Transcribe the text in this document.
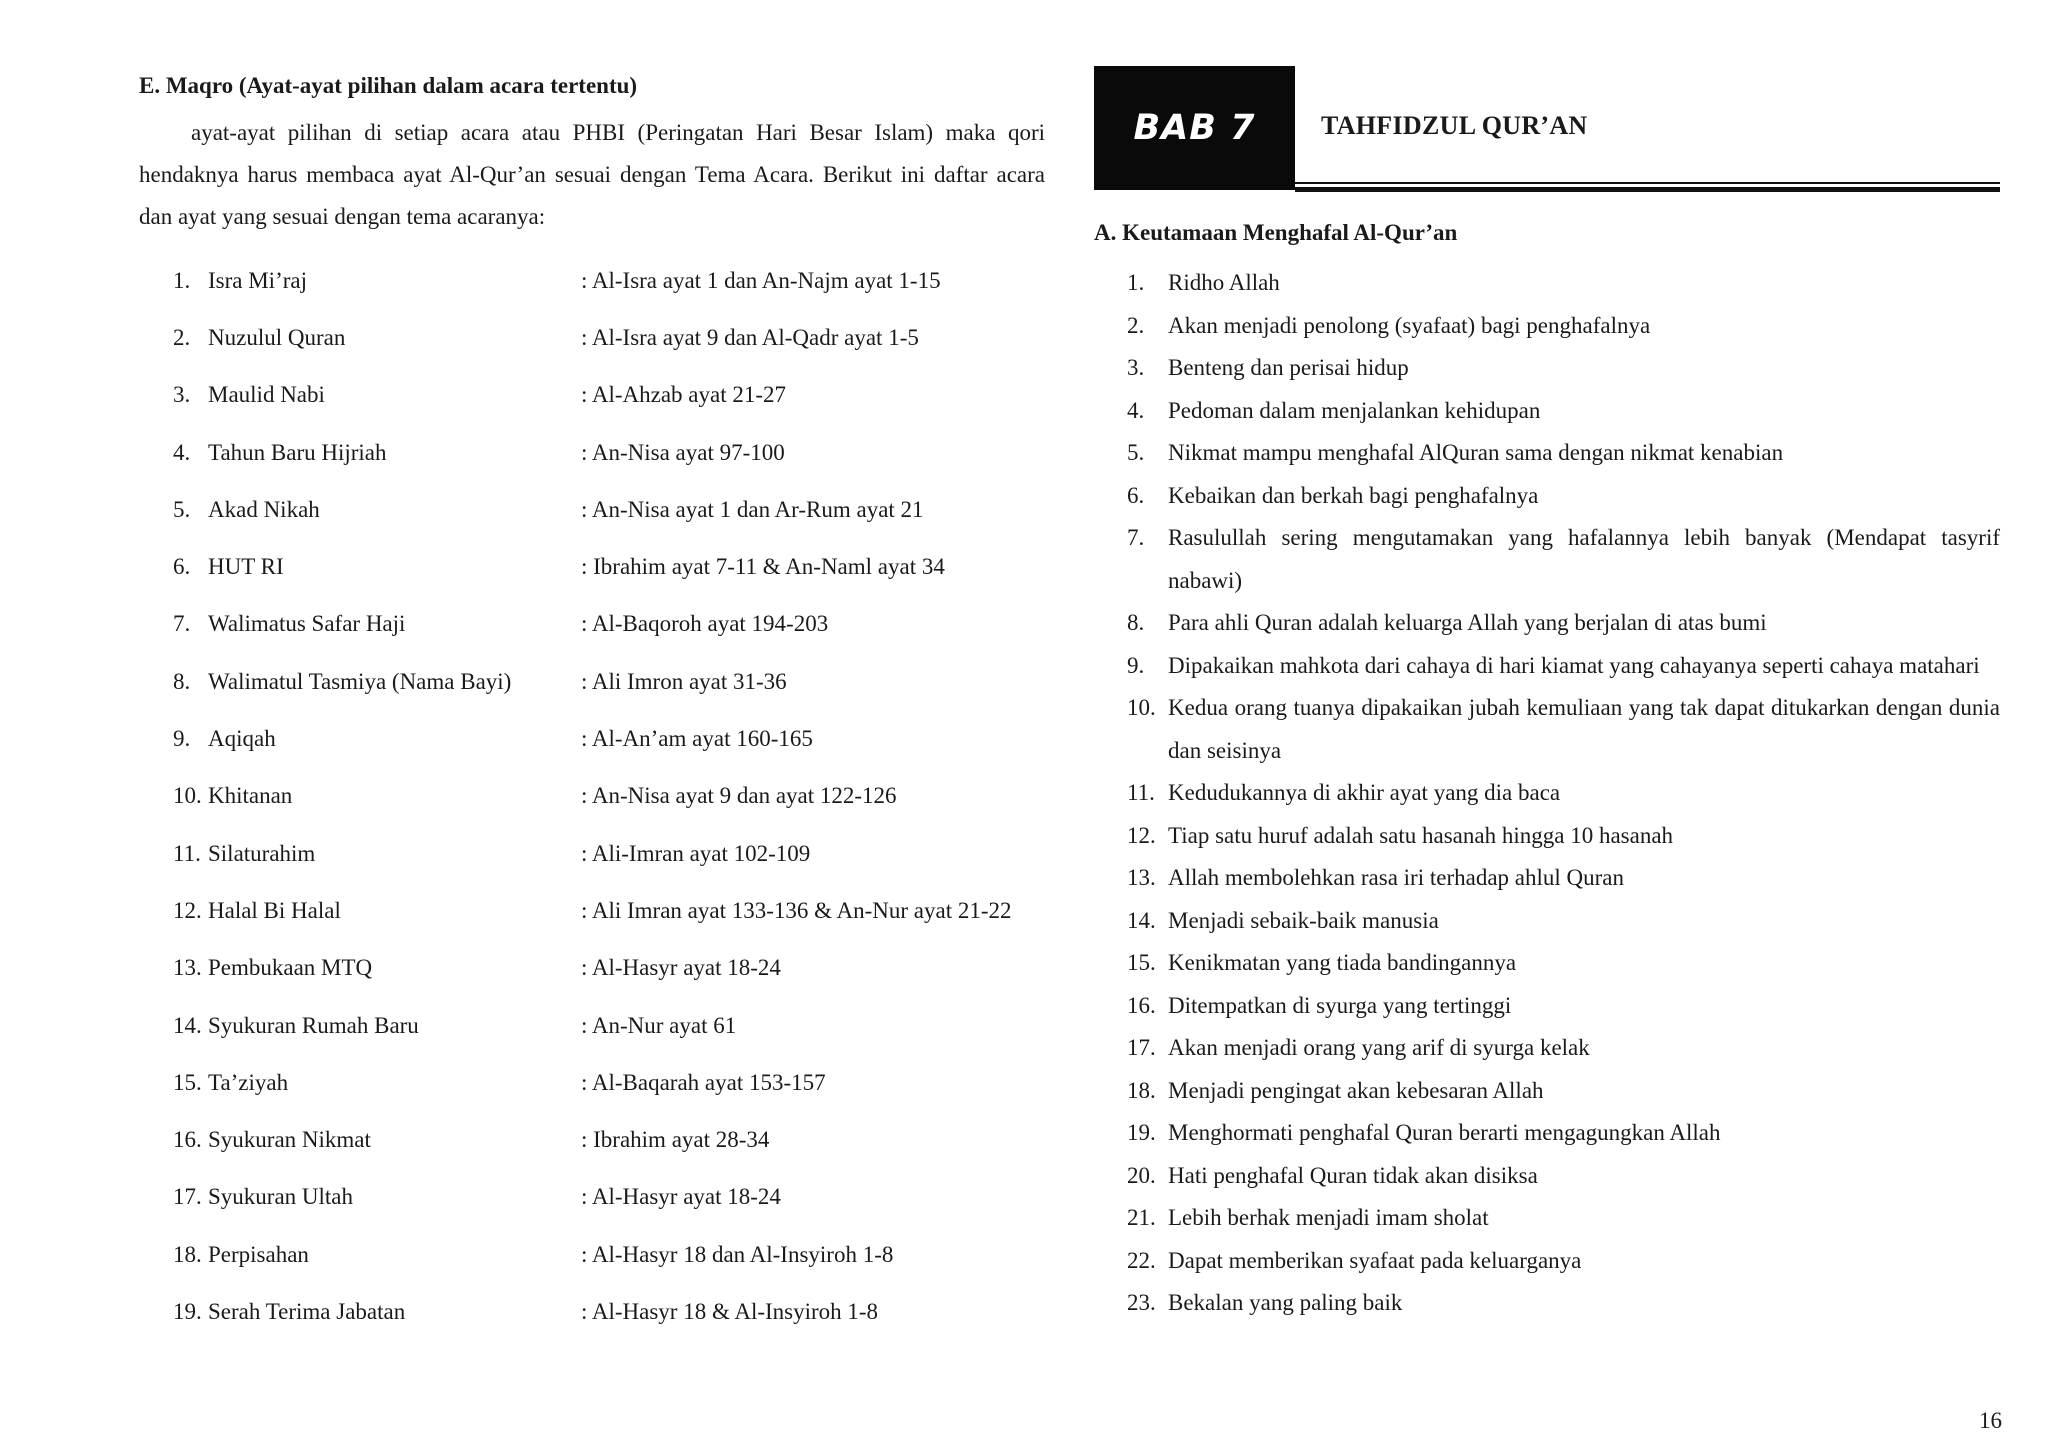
E. Maqro (Ayat-ayat pilihan dalam acara tertentu)

ayat-ayat pilihan di setiap acara atau PHBI (Peringatan Hari Besar Islam) maka qori hendaknya harus membaca ayat Al-Qur’an sesuai dengan Tema Acara. Berikut ini daftar acara dan ayat yang sesuai dengan tema acaranya:

1. Isra Mi’raj	: Al-Isra ayat 1 dan An-Najm ayat 1-15
2. Nuzulul Quran	: Al-Isra ayat 9 dan Al-Qadr ayat 1-5
3. Maulid Nabi	: Al-Ahzab ayat 21-27
4. Tahun Baru Hijriah	: An-Nisa ayat 97-100
5. Akad Nikah	: An-Nisa ayat 1 dan Ar-Rum ayat 21
6. HUT RI	: Ibrahim ayat 7-11 & An-Naml ayat 34
7. Walimatus Safar Haji	: Al-Baqoroh ayat 194-203
8. Walimatul Tasmiya (Nama Bayi)	: Ali Imron ayat 31-36
9. Aqiqah	: Al-An’am ayat 160-165
10. Khitanan	: An-Nisa ayat 9 dan ayat 122-126
11. Silaturahim	: Ali-Imran ayat 102-109
12. Halal Bi Halal	: Ali Imran ayat 133-136 & An-Nur ayat 21-22
13. Pembukaan MTQ	: Al-Hasyr ayat 18-24
14. Syukuran Rumah Baru	: An-Nur ayat 61
15. Ta’ziyah	: Al-Baqarah ayat 153-157
16. Syukuran Nikmat	: Ibrahim ayat 28-34
17. Syukuran Ultah	: Al-Hasyr ayat 18-24
18. Perpisahan	: Al-Hasyr 18 dan Al-Insyiroh 1-8
19. Serah Terima Jabatan	: Al-Hasyr 18 & Al-Insyiroh 1-8
BAB 7	TAHFIDZUL QUR’AN
A. Keutamaan Menghafal Al-Qur’an
1.	Ridho Allah
2.	Akan menjadi penolong (syafaat) bagi penghafalnya
3.	Benteng dan perisai hidup
4.	Pedoman dalam menjalankan kehidupan
5.	Nikmat mampu menghafal AlQuran sama dengan nikmat kenabian
6.	Kebaikan dan berkah bagi penghafalnya
7.	Rasulullah sering mengutamakan yang hafalannya lebih banyak (Mendapat tasyrif nabawi)
8.	Para ahli Quran adalah keluarga Allah yang berjalan di atas bumi
9.	Dipakaikan mahkota dari cahaya di hari kiamat yang cahayanya seperti cahaya matahari
10. Kedua orang tuanya dipakaikan jubah kemuliaan yang tak dapat ditukarkan dengan dunia dan seisinya
11. Kedudukannya di akhir ayat yang dia baca
12. Tiap satu huruf adalah satu hasanah hingga 10 hasanah
13. Allah membolehkan rasa iri terhadap ahlul Quran
14. Menjadi sebaik-baik manusia
15. Kenikmatan yang tiada bandingannya
16. Ditempatkan di syurga yang tertinggi
17. Akan menjadi orang yang arif di syurga kelak
18. Menjadi pengingat akan kebesaran Allah
19. Menghormati penghafal Quran berarti mengagungkan Allah
20. Hati penghafal Quran tidak akan disiksa
21. Lebih berhak menjadi imam sholat
22. Dapat memberikan syafaat pada keluarganya
23. Bekalan yang paling baik
16
